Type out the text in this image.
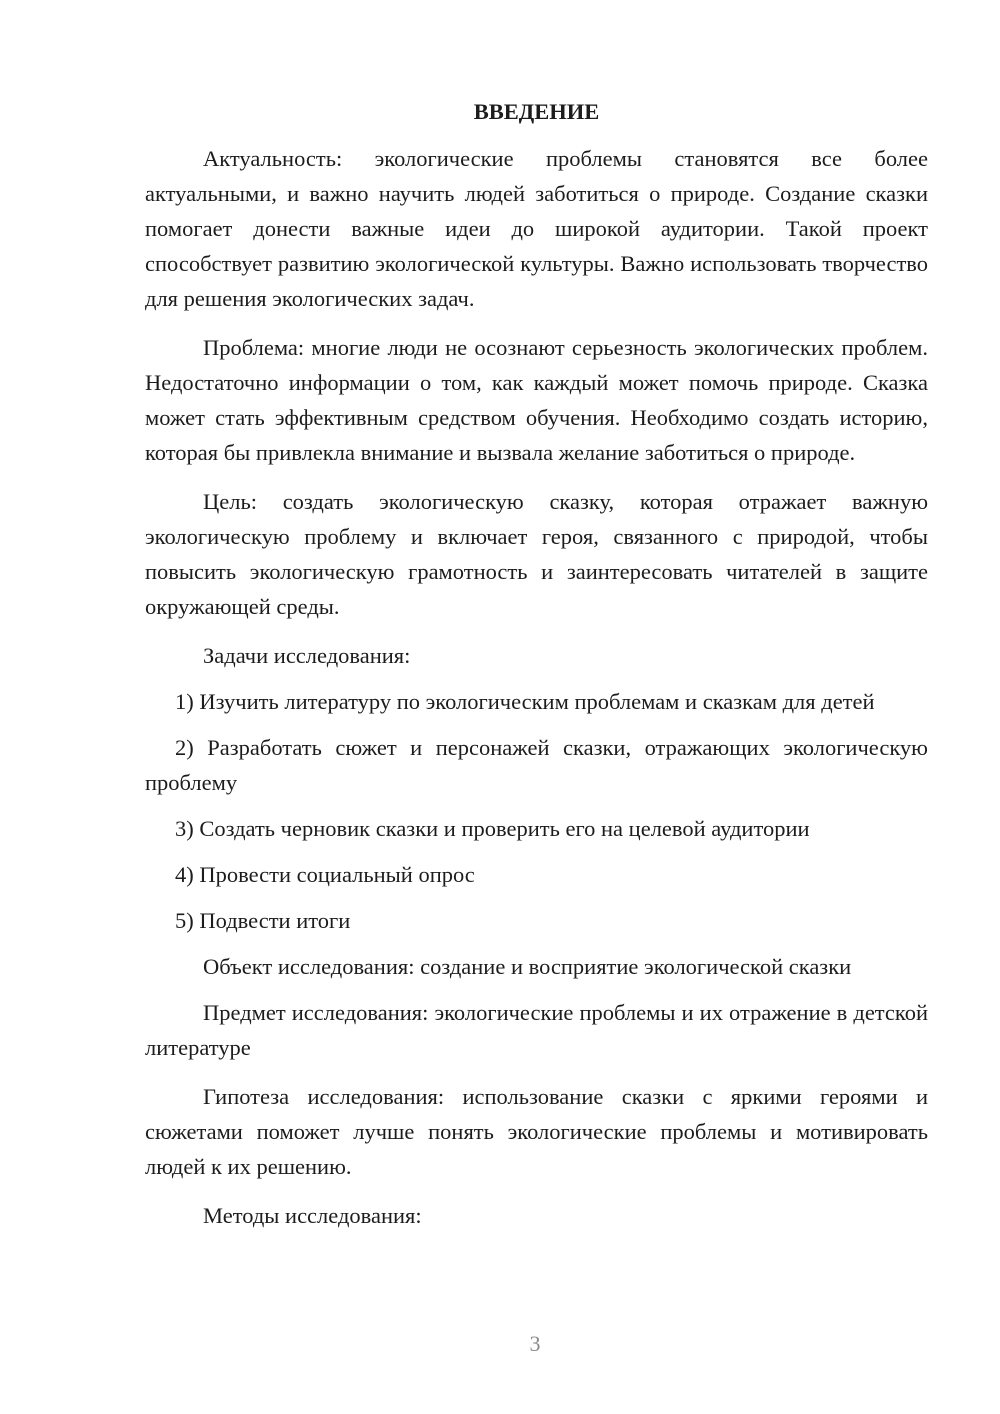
ВВЕДЕНИЕ

Актуальность: экологические проблемы становятся все более актуальными, и важно научить людей заботиться о природе. Создание сказки помогает донести важные идеи до широкой аудитории. Такой проект способствует развитию экологической культуры. Важно использовать творчество для решения экологических задач.

Проблема: многие люди не осознают серьезность экологических проблем. Недостаточно информации о том, как каждый может помочь природе. Сказка может стать эффективным средством обучения. Необходимо создать историю, которая бы привлекла внимание и вызвала желание заботиться о природе.

Цель: создать экологическую сказку, которая отражает важную экологическую проблему и включает героя, связанного с природой, чтобы повысить экологическую грамотность и заинтересовать читателей в защите окружающей среды.

Задачи исследования:

1) Изучить литературу по экологическим проблемам и сказкам для детей

2) Разработать сюжет и персонажей сказки, отражающих экологическую проблему

3) Создать черновик сказки и проверить его на целевой аудитории

4) Провести социальный опрос

5) Подвести итоги

Объект исследования: создание и восприятие экологической сказки

Предмет исследования: экологические проблемы и их отражение в детской литературе

Гипотеза исследования: использование сказки с яркими героями и сюжетами поможет лучше понять экологические проблемы и мотивировать людей к их решению.

Методы исследования:

3
